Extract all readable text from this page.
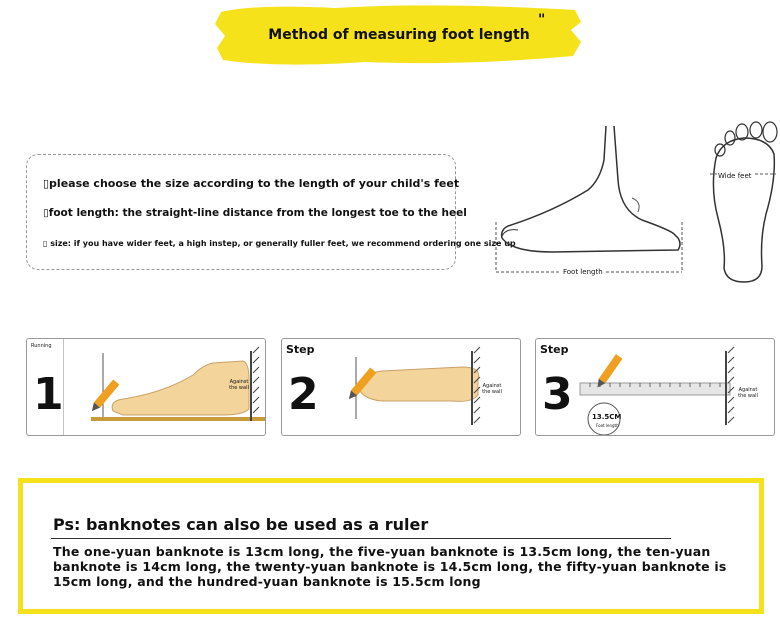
Method of measuring foot length
"
▯please choose the size according to the length of your child's feet
▯foot length: the straight-line distance from the longest toe to the heel
▯ size: if you have wider feet, a high instep, or generally fuller feet, we recommend ordering one size up
Foot length
Wide feet
Running
1	Against the wall
Step
2	Against the wall
Step
3	13.5CM
Foot length
Against the wall
Ps: banknotes can also be used as a ruler
The one-yuan banknote is 13cm long, the five-yuan banknote is 13.5cm long, the ten-yuan banknote is 14cm long, the twenty-yuan banknote is 14.5cm long, the fifty-yuan banknote is 15cm long, and the hundred-yuan banknote is 15.5cm long
